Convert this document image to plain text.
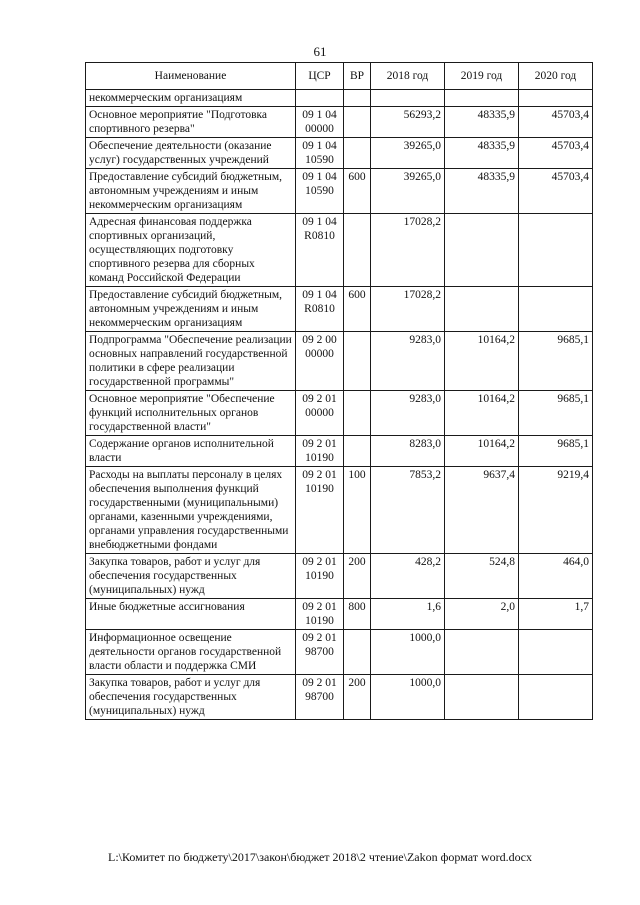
61
Наименование	ЦСР	ВР	2018 год	2019 год	2020 год
некоммерческим организациям					
Основное мероприятие "Подготовка спортивного резерва"	09 1 04 00000		56293,2	48335,9	45703,4
Обеспечение деятельности (оказание услуг) государственных учреждений	09 1 04 10590		39265,0	48335,9	45703,4
Предоставление субсидий бюджетным, автономным учреждениям и иным некоммерческим организациям	09 1 04 10590	600	39265,0	48335,9	45703,4
Адресная финансовая поддержка спортивных организаций, осуществляющих подготовку спортивного резерва для сборных команд Российской Федерации	09 1 04 R0810		17028,2		
Предоставление субсидий бюджетным, автономным учреждениям и иным некоммерческим организациям	09 1 04 R0810	600	17028,2		
Подпрограмма "Обеспечение реализации основных направлений государственной политики в сфере реализации государственной программы"	09 2 00 00000		9283,0	10164,2	9685,1
Основное мероприятие "Обеспечение функций исполнительных органов государственной власти"	09 2 01 00000		9283,0	10164,2	9685,1
Содержание органов исполнительной власти	09 2 01 10190		8283,0	10164,2	9685,1
Расходы на выплаты персоналу в целях обеспечения выполнения функций государственными (муниципальными) органами, казенными учреждениями, органами управления государственными внебюджетными фондами	09 2 01 10190	100	7853,2	9637,4	9219,4
Закупка товаров, работ и услуг для обеспечения государственных (муниципальных) нужд	09 2 01 10190	200	428,2	524,8	464,0
Иные бюджетные ассигнования	09 2 01 10190	800	1,6	2,0	1,7
Информационное освещение деятельности органов государственной власти области и поддержка СМИ	09 2 01 98700		1000,0		
Закупка товаров, работ и услуг для обеспечения государственных (муниципальных) нужд	09 2 01 98700	200	1000,0		
L:\Комитет по бюджету\2017\закон\бюджет 2018\2 чтение\Zakon формат word.docx
